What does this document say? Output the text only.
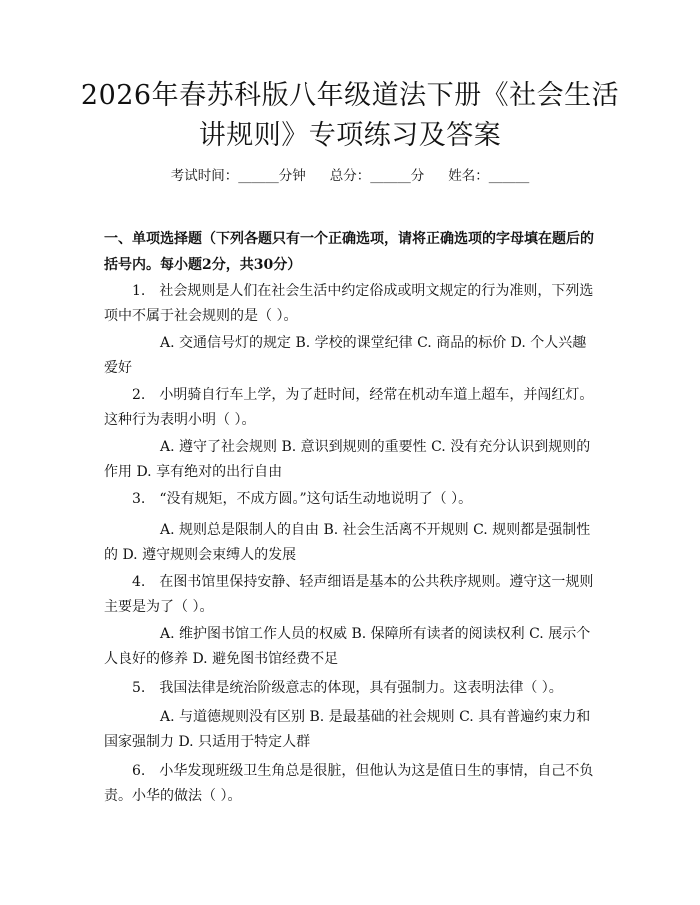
2026年春苏科版八年级道法下册《社会生活
讲规则》专项练习及答案
考试时间：______分钟 总分：______分 姓名：______
一、单项选择题（下列各题只有一个正确选项，请将正确选项的字母填在题后的括号内。每小题2分，共30分）
1.　社会规则是人们在社会生活中约定俗成或明文规定的行为准则，下列选项中不属于社会规则的是（ ）。
A. 交通信号灯的规定 B. 学校的课堂纪律 C. 商品的标价 D. 个人兴趣爱好
2.　小明骑自行车上学，为了赶时间，经常在机动车道上超车，并闯红灯。这种行为表明小明（ ）。
A. 遵守了社会规则 B. 意识到规则的重要性 C. 没有充分认识到规则的作用 D. 享有绝对的出行自由
3.　“没有规矩，不成方圆。”这句话生动地说明了（ ）。
A. 规则总是限制人的自由 B. 社会生活离不开规则 C. 规则都是强制性的 D. 遵守规则会束缚人的发展
4.　在图书馆里保持安静、轻声细语是基本的公共秩序规则。遵守这一规则主要是为了（ ）。
A. 维护图书馆工作人员的权威 B. 保障所有读者的阅读权利 C. 展示个人良好的修养 D. 避免图书馆经费不足
5.　我国法律是统治阶级意志的体现，具有强制力。这表明法律（ ）。
A. 与道德规则没有区别 B. 是最基础的社会规则 C. 具有普遍约束力和国家强制力 D. 只适用于特定人群
6.　小华发现班级卫生角总是很脏，但他认为这是值日生的事情，自己不负责。小华的做法（ ）。
